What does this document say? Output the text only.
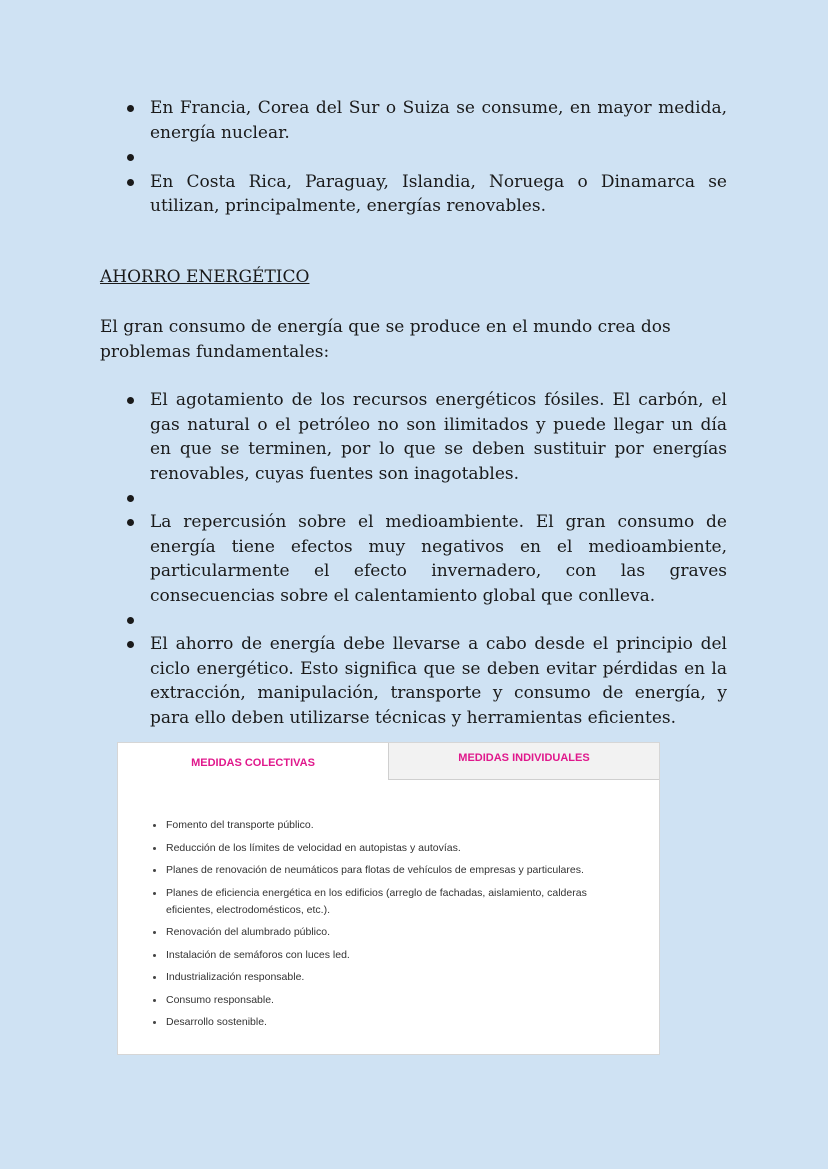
En Francia, Corea del Sur o Suiza se consume, en mayor medida, energía nuclear.
En Costa Rica, Paraguay, Islandia, Noruega o Dinamarca se utilizan, principalmente, energías renovables.

AHORRO ENERGÉTICO

El gran consumo de energía que se produce en el mundo crea dos problemas fundamentales:

El agotamiento de los recursos energéticos fósiles. El carbón, el gas natural o el petróleo no son ilimitados y puede llegar un día en que se terminen, por lo que se deben sustituir por energías renovables, cuyas fuentes son inagotables.
La repercusión sobre el medioambiente. El gran consumo de energía tiene efectos muy negativos en el medioambiente, particularmente el efecto invernadero, con las graves consecuencias sobre el calentamiento global que conlleva.
El ahorro de energía debe llevarse a cabo desde el principio del ciclo energético. Esto significa que se deben evitar pérdidas en la extracción, manipulación, transporte y consumo de energía, y para ello deben utilizarse técnicas y herramientas eficientes.
MEDIDAS COLECTIVAS	MEDIDAS INDIVIDUALES
Fomento del transporte público.
Reducción de los límites de velocidad en autopistas y autovías.
Planes de renovación de neumáticos para flotas de vehículos de empresas y particulares.
Planes de eficiencia energética en los edificios (arreglo de fachadas, aislamiento, calderas eficientes, electrodomésticos, etc.).
Renovación del alumbrado público.
Instalación de semáforos con luces led.
Industrialización responsable.
Consumo responsable.
Desarrollo sostenible.
